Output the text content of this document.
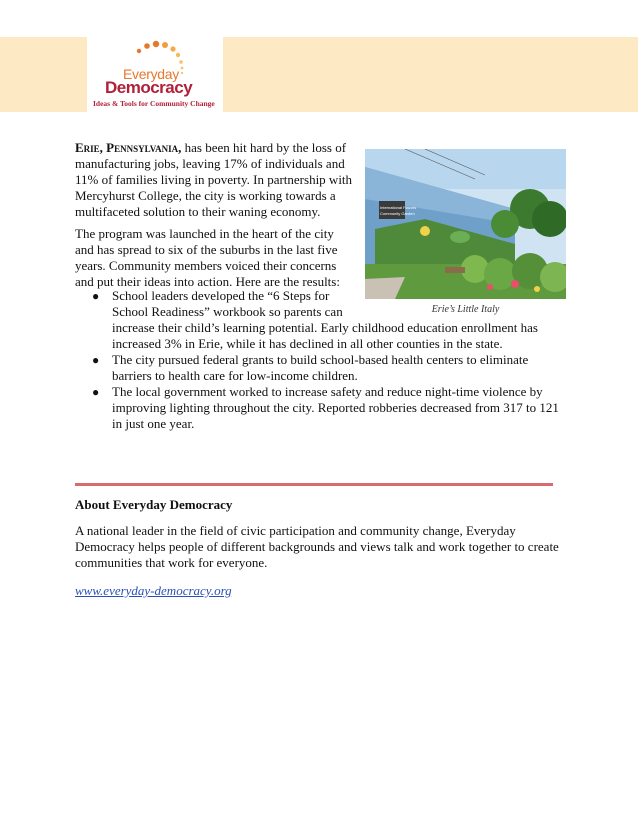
Everyday
Democracy
Ideas & Tools for Community Change

Erie, Pennsylvania, has been hit hard by the loss of manufacturing jobs, leaving 17% of individuals and 11% of families living in poverty. In partnership with Mercyhurst College, the city is working towards a multifaceted solution to their waning economy.

The program was launched in the heart of the city and has spread to six of the suburbs in the last five years. Community members voiced their concerns and put their ideas into action. Here are the results:

International Flavors
Community Garden
Erie’s Little Italy
● School leaders developed the “6 Steps for School Readiness” workbook so parents can increase their child’s learning potential. Early childhood education enrollment has increased 3% in Erie, while it has declined in all other counties in the state.
● The city pursued federal grants to build school-based health centers to eliminate barriers to health care for low-income children.
● The local government worked to increase safety and reduce night-time violence by improving lighting throughout the city. Reported robberies decreased from 317 to 121 in just one year.
About Everyday Democracy
A national leader in the field of civic participation and community change, Everyday Democracy helps people of different backgrounds and views talk and work together to create communities that work for everyone.
www.everyday-democracy.org
